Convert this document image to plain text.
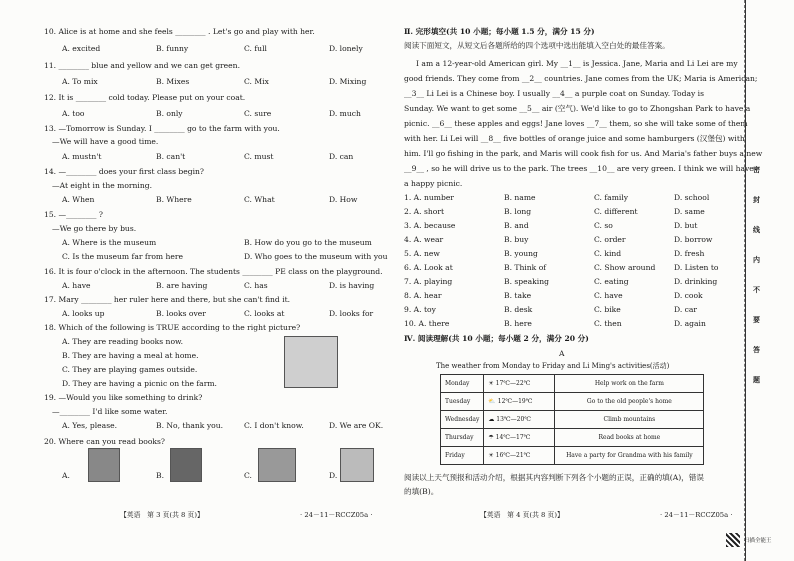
10. Alice is at home and she feels ________ . Let's go and play with her.
A. excited	B. funny	C. full	D. lonely
11. ________ blue and yellow and we can get green.
A. To mix	B. Mixes	C. Mix	D. Mixing
12. It is ________ cold today. Please put on your coat.
A. too	B. only	C. sure	D. much
13. —Tomorrow is Sunday. I ________ go to the farm with you.
—We will have a good time.
A. mustn't	B. can't	C. must	D. can
14. —________ does your first class begin?
—At eight in the morning.
A. When	B. Where	C. What	D. How
15. —________ ?
—We go there by bus.
A. Where is the museum	B. How do you go to the museum
C. Is the museum far from here	D. Who goes to the museum with you
16. It is four o'clock in the afternoon. The students ________ PE class on the playground.
A. have	B. are having	C. has	D. is having
17. Mary ________ her ruler here and there, but she can't find it.
A. looks up	B. looks over	C. looks at	D. looks for
18. Which of the following is TRUE according to the right picture?
A. They are reading books now.
B. They are having a meal at home.
C. They are playing games outside.
D. They are having a picnic on the farm.
19. —Would you like something to drink?
—________ I'd like some water.
A. Yes, please.	B. No, thank you.	C. I don't know.	D. We are OK.
20. Where can you read books?
A.	B.	C.	D.
【英语　第 3 页(共 8 页)】	· 24－11－RCCZ05a ·
Ⅱ. 完形填空(共 10 小题；每小题 1.5 分，满分 15 分)
阅读下面短文，从短文后各题所给的四个选项中选出能填入空白处的最佳答案。
I am a 12-year-old American girl. My __1__ is Jessica. Jane, Maria and Li Lei are my
good friends. They come from __2__ countries. Jane comes from the UK; Maria is American;
__3__ Li Lei is a Chinese boy. I usually __4__ a purple coat on Sunday. Today is
Sunday. We want to get some __5__ air (空气). We'd like to go to Zhongshan Park to have a
picnic. __6__ these apples and eggs! Jane loves __7__ them, so she will take some of them
with her. Li Lei will __8__ five bottles of orange juice and some hamburgers (汉堡包) with
him. I'll go fishing in the park, and Maris will cook fish for us. And Maria's father buys a new
__9__ , so he will drive us to the park. The trees __10__ are very green. I think we will have
a happy picnic.
1. A. number	B. name	C. family	D. school
2. A. short	B. long	C. different	D. same
3. A. because	B. and	C. so	D. but
4. A. wear	B. buy	C. order	D. borrow
5. A. new	B. young	C. kind	D. fresh
6. A. Look at	B. Think of	C. Show around D. Listen to
7. A. playing	B. speaking	C. eating	D. drinking
8. A. hear	B. take	C. have	D. cook
9. A. toy	B. desk	C. bike	D. car
10. A. there	B. here	C. then	D. again
Ⅳ. 阅读理解(共 10 小题；每小题 2 分，满分 20 分)
A
The weather from Monday to Friday and Li Ming's activities(活动)
Monday	☀ 17℃—22℃	Help work on the farm
Tuesday	⛅ 12℃—19℃	Go to the old people's home
Wednesday	☁ 13℃—20℃	Climb mountains
Thursday	☂ 14℃—17℃	Read books at home
Friday	☀ 16℃—21℃	Have a party for Grandma with his family
阅读以上天气预报和活动介绍，根据其内容判断下列各个小题的正误，正确的填(A)，错误
的填(B)。
【英语　第 4 页(共 8 页)】	· 24－11－RCCZ05a ·
密
封
线
内
不
要
答
题
扫描全能王
